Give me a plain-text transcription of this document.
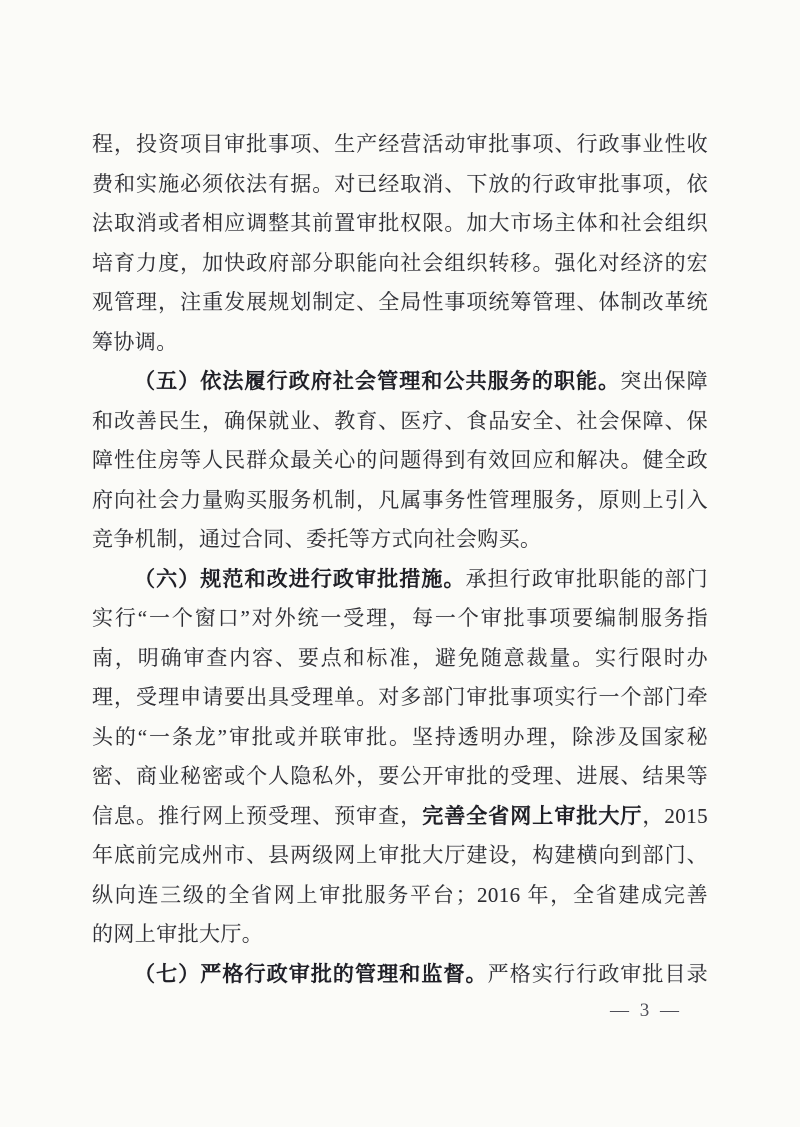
程，投资项目审批事项、生产经营活动审批事项、行政事业性收
费和实施必须依法有据。对已经取消、下放的行政审批事项，依
法取消或者相应调整其前置审批权限。加大市场主体和社会组织
培育力度，加快政府部分职能向社会组织转移。强化对经济的宏
观管理，注重发展规划制定、全局性事项统筹管理、体制改革统
筹协调。
（五）依法履行政府社会管理和公共服务的职能。突出保障
和改善民生，确保就业、教育、医疗、食品安全、社会保障、保
障性住房等人民群众最关心的问题得到有效回应和解决。健全政
府向社会力量购买服务机制，凡属事务性管理服务，原则上引入
竞争机制，通过合同、委托等方式向社会购买。
（六）规范和改进行政审批措施。承担行政审批职能的部门
实行“一个窗口”对外统一受理，每一个审批事项要编制服务指
南，明确审查内容、要点和标准，避免随意裁量。实行限时办
理，受理申请要出具受理单。对多部门审批事项实行一个部门牵
头的“一条龙”审批或并联审批。坚持透明办理，除涉及国家秘
密、商业秘密或个人隐私外，要公开审批的受理、进展、结果等
信息。推行网上预受理、预审查，完善全省网上审批大厅，2015
年底前完成州市、县两级网上审批大厅建设，构建横向到部门、
纵向连三级的全省网上审批服务平台；2016 年，全省建成完善
的网上审批大厅。
（七）严格行政审批的管理和监督。严格实行行政审批目录
— 3 —
